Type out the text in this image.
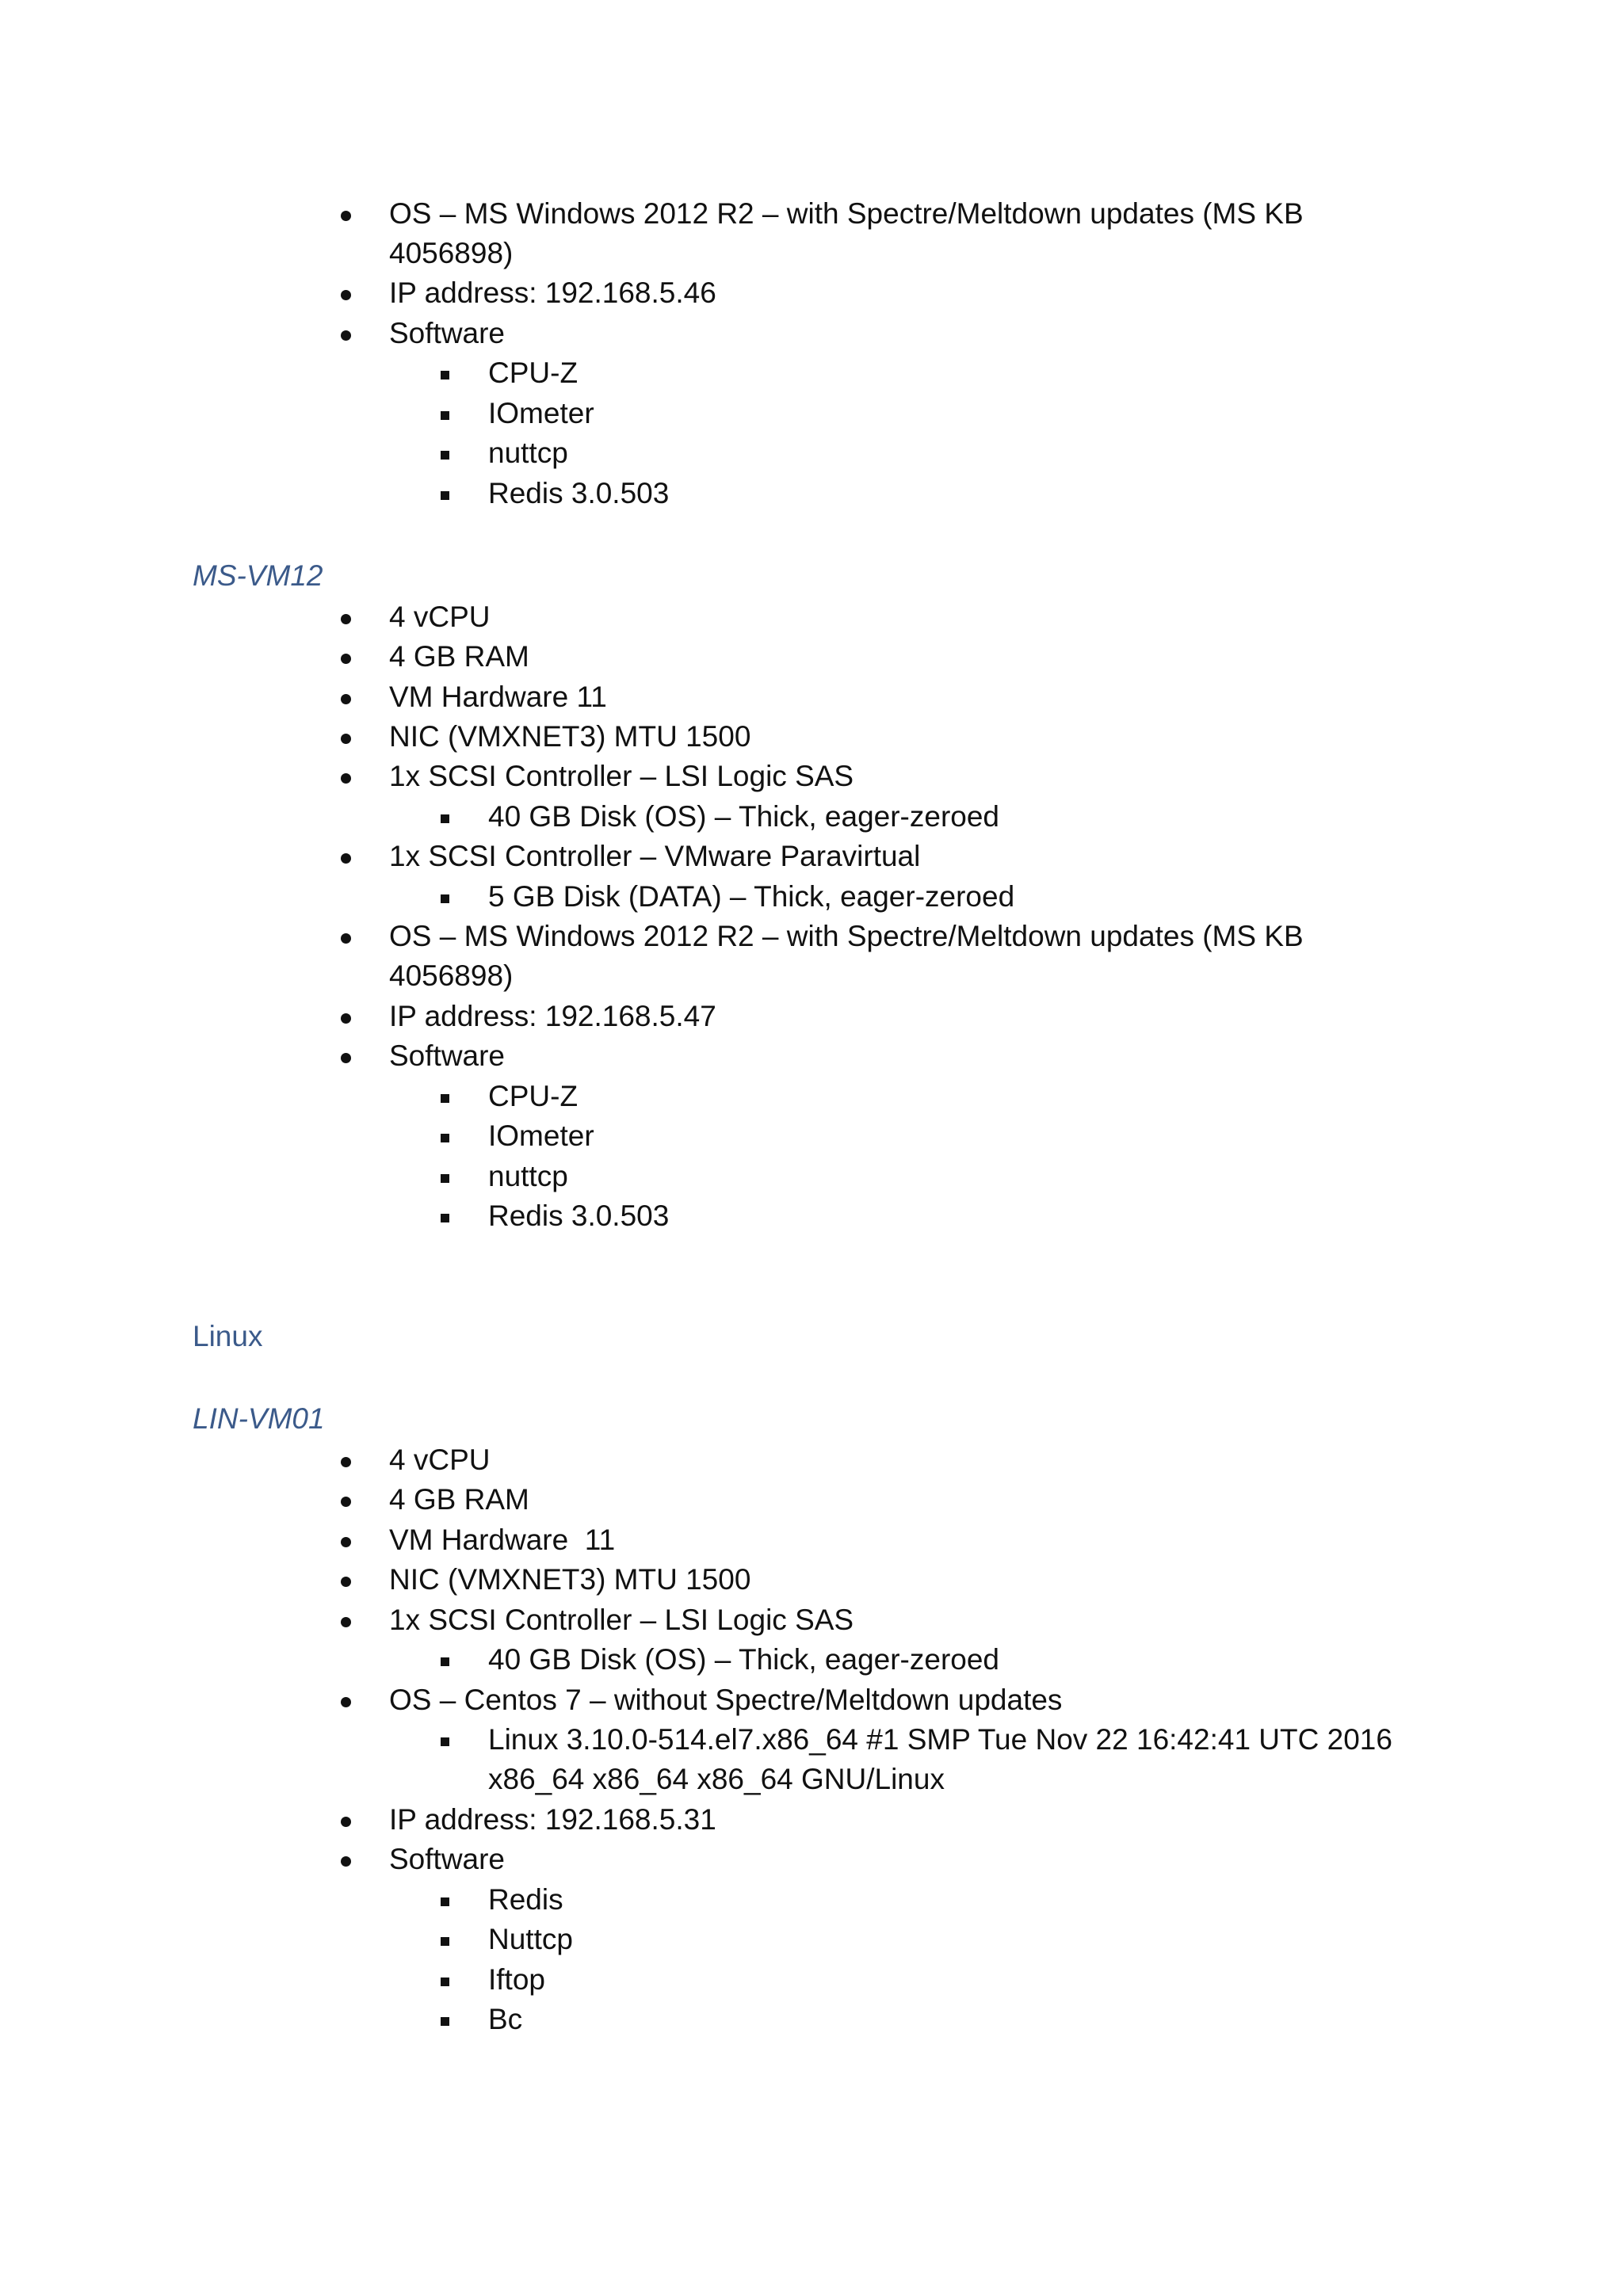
OS – MS Windows 2012 R2 – with Spectre/Meltdown updates (MS KB
4056898)
IP address: 192.168.5.46
Software
CPU-Z
IOmeter
nuttcp
Redis 3.0.503
MS-VM12
4 vCPU
4 GB RAM
VM Hardware 11
NIC (VMXNET3) MTU 1500
1x SCSI Controller – LSI Logic SAS
40 GB Disk (OS) – Thick, eager-zeroed
1x SCSI Controller – VMware Paravirtual
5 GB Disk (DATA) – Thick, eager-zeroed
OS – MS Windows 2012 R2 – with Spectre/Meltdown updates (MS KB
4056898)
IP address: 192.168.5.47
Software
CPU-Z
IOmeter
nuttcp
Redis 3.0.503
Linux
LIN-VM01
4 vCPU
4 GB RAM
VM Hardware  11
NIC (VMXNET3) MTU 1500
1x SCSI Controller – LSI Logic SAS
40 GB Disk (OS) – Thick, eager-zeroed
OS – Centos 7 – without Spectre/Meltdown updates
Linux 3.10.0-514.el7.x86_64 #1 SMP Tue Nov 22 16:42:41 UTC 2016
x86_64 x86_64 x86_64 GNU/Linux
IP address: 192.168.5.31
Software
Redis
Nuttcp
Iftop
Bc
